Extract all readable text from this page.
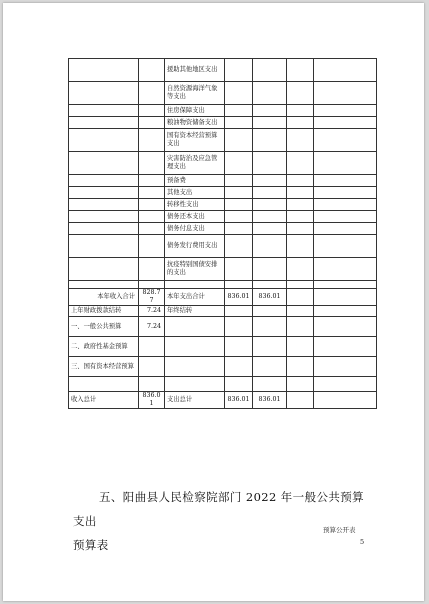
		援助其他地区支出				
		自然资源海洋气象等支出				
		住房保障支出				
		粮油物资储备支出				
		国有资本经营预算支出				
		灾害防治及应急管理支出				
		预备费				
		其他支出				
		转移性支出				
		债务还本支出				
		债务付息支出				
		债务发行费用支出				
		抗疫特别国债安排的支出				

本年收入合计	828.77	本年支出合计	836.01	836.01		
上年财政拨款结转	7.24	年终结转				
一、一般公共预算	7.24					
二、政府性基金预算						
三、国有资本经营预算						

收入总计	836.01	支出总计	836.01	836.01		
五、阳曲县人民检察院部门 2022 年一般公共预算支出
预算表
预算公开表
5
